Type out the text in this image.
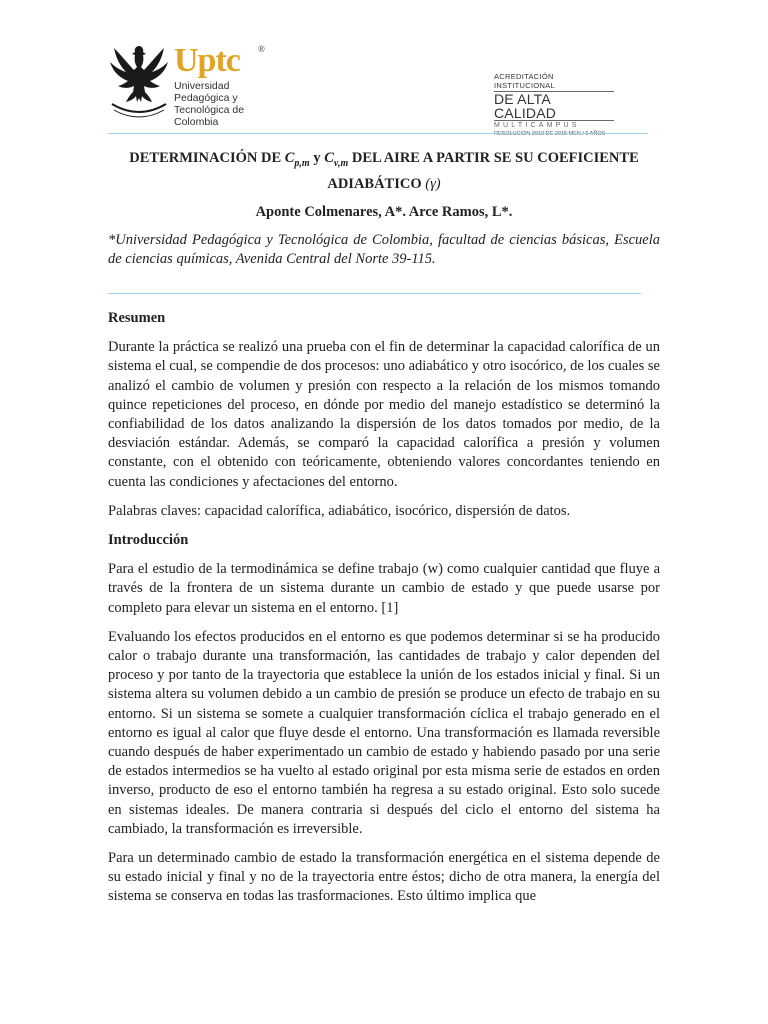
Uptc	®
Universidad Pedagógica y
Tecnológica de Colombia
ACREDITACIÓN INSTITUCIONAL
DE ALTA CALIDAD
MULTICAMPUS
RESOLUCIÓN 3910 DE 2015 MEN / 6 AÑOS
DETERMINACIÓN DE $C_{p,m}$ y $C_{v,m}$ DEL AIRE A PARTIR SE SU COEFICIENTE
ADIABÁTICO (γ)
Aponte Colmenares, A*. Arce Ramos, L*.
*Universidad Pedagógica y Tecnológica de Colombia, facultad de ciencias básicas, Escuela de ciencias químicas, Avenida Central del Norte 39-115.
Resumen

Durante la práctica se realizó una prueba con el fin de determinar la capacidad calorífica de un sistema el cual, se compendie de dos procesos: uno adiabático y otro isocórico, de los cuales se analizó el cambio de volumen y presión con respecto a la relación de los mismos tomando quince repeticiones del proceso, en dónde por medio del manejo estadístico se determinó la confiabilidad de los datos analizando la dispersión de los datos tomados por medio, de la desviación estándar. Además, se comparó la capacidad calorífica a presión y volumen constante, con el obtenido con teóricamente, obteniendo valores concordantes teniendo en cuenta las condiciones y afectaciones del entorno.

Palabras claves: capacidad calorífica, adiabático, isocórico, dispersión de datos.

Introducción

Para el estudio de la termodinámica se define trabajo (w) como cualquier cantidad que fluye a través de la frontera de un sistema durante un cambio de estado y que puede usarse por completo para elevar un sistema en el entorno. [1]

Evaluando los efectos producidos en el entorno es que podemos determinar si se ha producido calor o trabajo durante una transformación, las cantidades de trabajo y calor dependen del proceso y por tanto de la trayectoria que establece la unión de los estados inicial y final. Si un sistema altera su volumen debido a un cambio de presión se produce un efecto de trabajo en su entorno. Si un sistema se somete a cualquier transformación cíclica el trabajo generado en el entorno es igual al calor que fluye desde el entorno. Una transformación es llamada reversible cuando después de haber experimentado un cambio de estado y habiendo pasado por una serie de estados intermedios se ha vuelto al estado original por esta misma serie de estados en orden inverso, producto de eso el entorno también ha regresa a su estado original. Esto solo sucede en sistemas ideales. De manera contraria si después del ciclo el entorno del sistema ha cambiado, la transformación es irreversible.

Para un determinado cambio de estado la transformación energética en el sistema depende de su estado inicial y final y no de la trayectoria entre éstos; dicho de otra manera, la energía del sistema se conserva en todas las trasformaciones. Esto último implica que
